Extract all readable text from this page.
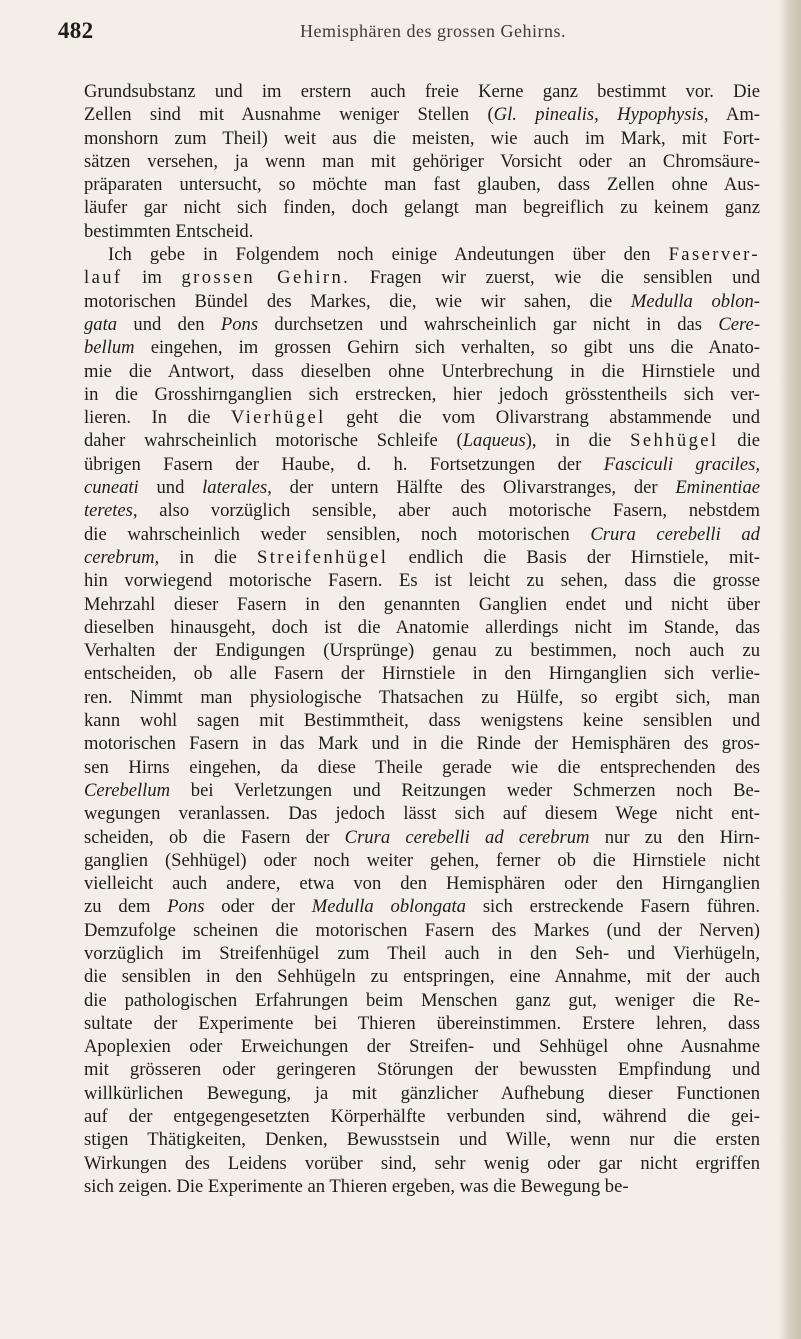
482	Hemisphären des grossen Gehirns.
Grundsubstanz und im erstern auch freie Kerne ganz bestimmt vor. Die
Zellen sind mit Ausnahme weniger Stellen (Gl. pinealis, Hypophysis, Am-
monshorn zum Theil) weit aus die meisten, wie auch im Mark, mit Fort-
sätzen versehen, ja wenn man mit gehöriger Vorsicht oder an Chromsäure-
präparaten untersucht, so möchte man fast glauben, dass Zellen ohne Aus-
läufer gar nicht sich finden, doch gelangt man begreiflich zu keinem ganz
bestimmten Entscheid.
Ich gebe in Folgendem noch einige Andeutungen über den Faserver-
lauf im grossen Gehirn. Fragen wir zuerst, wie die sensiblen und
motorischen Bündel des Markes, die, wie wir sahen, die Medulla oblon-
gata und den Pons durchsetzen und wahrscheinlich gar nicht in das Cere-
bellum eingehen, im grossen Gehirn sich verhalten, so gibt uns die Anato-
mie die Antwort, dass dieselben ohne Unterbrechung in die Hirnstiele und
in die Grosshirnganglien sich erstrecken, hier jedoch grösstentheils sich ver-
lieren. In die Vierhügel geht die vom Olivarstrang abstammende und
daher wahrscheinlich motorische Schleife (Laqueus), in die Sehhügel die
übrigen Fasern der Haube, d. h. Fortsetzungen der Fasciculi graciles,
cuneati und laterales, der untern Hälfte des Olivarstranges, der Eminentiae
teretes, also vorzüglich sensible, aber auch motorische Fasern, nebstdem
die wahrscheinlich weder sensiblen, noch motorischen Crura cerebelli ad
cerebrum, in die Streifenhügel endlich die Basis der Hirnstiele, mit-
hin vorwiegend motorische Fasern. Es ist leicht zu sehen, dass die grosse
Mehrzahl dieser Fasern in den genannten Ganglien endet und nicht über
dieselben hinausgeht, doch ist die Anatomie allerdings nicht im Stande, das
Verhalten der Endigungen (Ursprünge) genau zu bestimmen, noch auch zu
entscheiden, ob alle Fasern der Hirnstiele in den Hirnganglien sich verlie-
ren. Nimmt man physiologische Thatsachen zu Hülfe, so ergibt sich, man
kann wohl sagen mit Bestimmtheit, dass wenigstens keine sensiblen und
motorischen Fasern in das Mark und in die Rinde der Hemisphären des gros-
sen Hirns eingehen, da diese Theile gerade wie die entsprechenden des
Cerebellum bei Verletzungen und Reitzungen weder Schmerzen noch Be-
wegungen veranlassen. Das jedoch lässt sich auf diesem Wege nicht ent-
scheiden, ob die Fasern der Crura cerebelli ad cerebrum nur zu den Hirn-
ganglien (Sehhügel) oder noch weiter gehen, ferner ob die Hirnstiele nicht
vielleicht auch andere, etwa von den Hemisphären oder den Hirnganglien
zu dem Pons oder der Medulla oblongata sich erstreckende Fasern führen.
Demzufolge scheinen die motorischen Fasern des Markes (und der Nerven)
vorzüglich im Streifenhügel zum Theil auch in den Seh- und Vierhügeln,
die sensiblen in den Sehhügeln zu entspringen, eine Annahme, mit der auch
die pathologischen Erfahrungen beim Menschen ganz gut, weniger die Re-
sultate der Experimente bei Thieren übereinstimmen. Erstere lehren, dass
Apoplexien oder Erweichungen der Streifen- und Sehhügel ohne Ausnahme
mit grösseren oder geringeren Störungen der bewussten Empfindung und
willkürlichen Bewegung, ja mit gänzlicher Aufhebung dieser Functionen
auf der entgegengesetzten Körperhälfte verbunden sind, während die gei-
stigen Thätigkeiten, Denken, Bewusstsein und Wille, wenn nur die ersten
Wirkungen des Leidens vorüber sind, sehr wenig oder gar nicht ergriffen
sich zeigen. Die Experimente an Thieren ergeben, was die Bewegung be-
